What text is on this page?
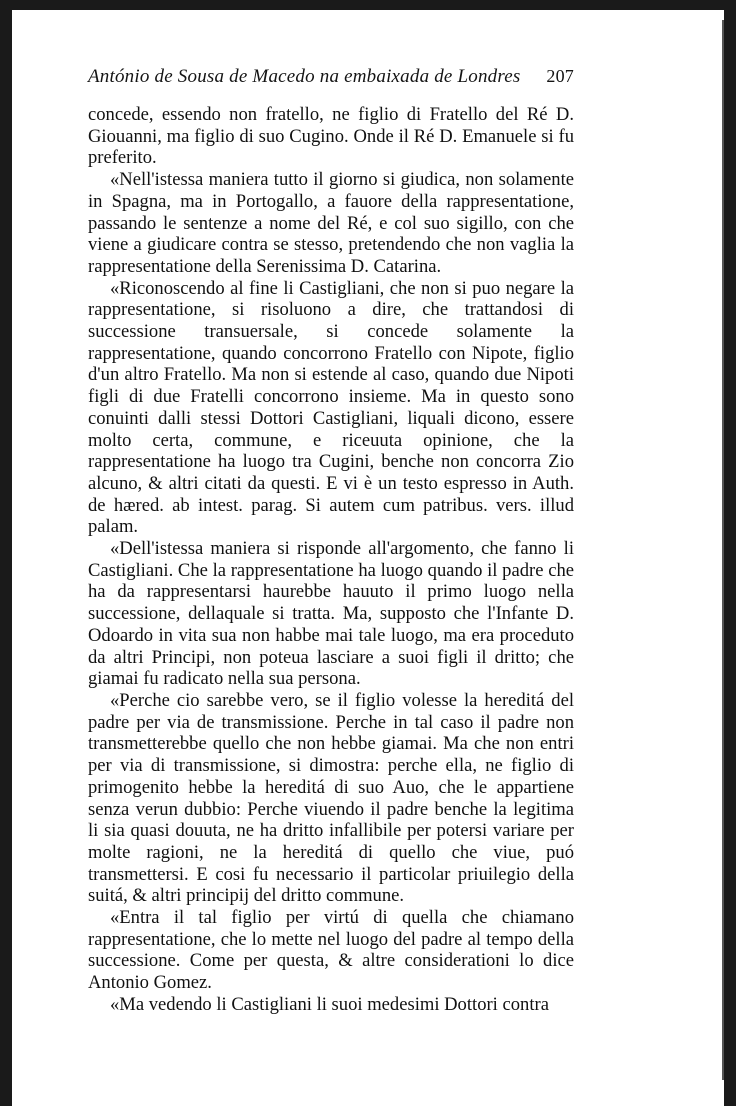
António de Sousa de Macedo na embaixada de Londres 207

concede, essendo non fratello, ne figlio di Fratello del Ré D. Giouanni, ma figlio di suo Cugino. Onde il Ré D. Emanuele si fu preferito.

«Nell'istessa maniera tutto il giorno si giudica, non solamente in Spagna, ma in Portogallo, a fauore della rappresentatione, passando le sentenze a nome del Ré, e col suo sigillo, con che viene a giudicare contra se stesso, pretendendo che non vaglia la rappresentatione della Serenissima D. Catarina.

«Riconoscendo al fine li Castigliani, che non si puo negare la rappresentatione, si risoluono a dire, che trattandosi di successione transuersale, si concede solamente la rappresentatione, quando concorrono Fratello con Nipote, figlio d'un altro Fratello. Ma non si estende al caso, quando due Nipoti figli di due Fratelli concorrono insieme. Ma in questo sono conuinti dalli stessi Dottori Castigliani, liquali dicono, essere molto certa, commune, e riceuuta opinione, che la rappresentatione ha luogo tra Cugini, benche non concorra Zio alcuno, & altri citati da questi. E vi è un testo espresso in Auth. de hæred. ab intest. parag. Si autem cum patribus. vers. illud palam.

«Dell'istessa maniera si risponde all'argomento, che fanno li Castigliani. Che la rappresentatione ha luogo quando il padre che ha da rappresentarsi haurebbe hauuto il primo luogo nella successione, dellaquale si tratta. Ma, supposto che l'Infante D. Odoardo in vita sua non habbe mai tale luogo, ma era proceduto da altri Principi, non poteua lasciare a suoi figli il dritto; che giamai fu radicato nella sua persona.

«Perche cio sarebbe vero, se il figlio volesse la hereditá del padre per via de transmissione. Perche in tal caso il padre non transmetterebbe quello che non hebbe giamai. Ma che non entri per via di transmissione, si dimostra: perche ella, ne figlio di primogenito hebbe la hereditá di suo Auo, che le appartiene senza verun dubbio: Perche viuendo il padre benche la legitima li sia quasi douuta, ne ha dritto infallibile per potersi variare per molte ragioni, ne la hereditá di quello che viue, puó transmettersi. E cosi fu necessario il particolar priuilegio della suitá, & altri principij del dritto commune.

«Entra il tal figlio per virtú di quella che chiamano rappresentatione, che lo mette nel luogo del padre al tempo della successione. Come per questa, & altre considerationi lo dice Antonio Gomez.

«Ma vedendo li Castigliani li suoi medesimi Dottori contra
